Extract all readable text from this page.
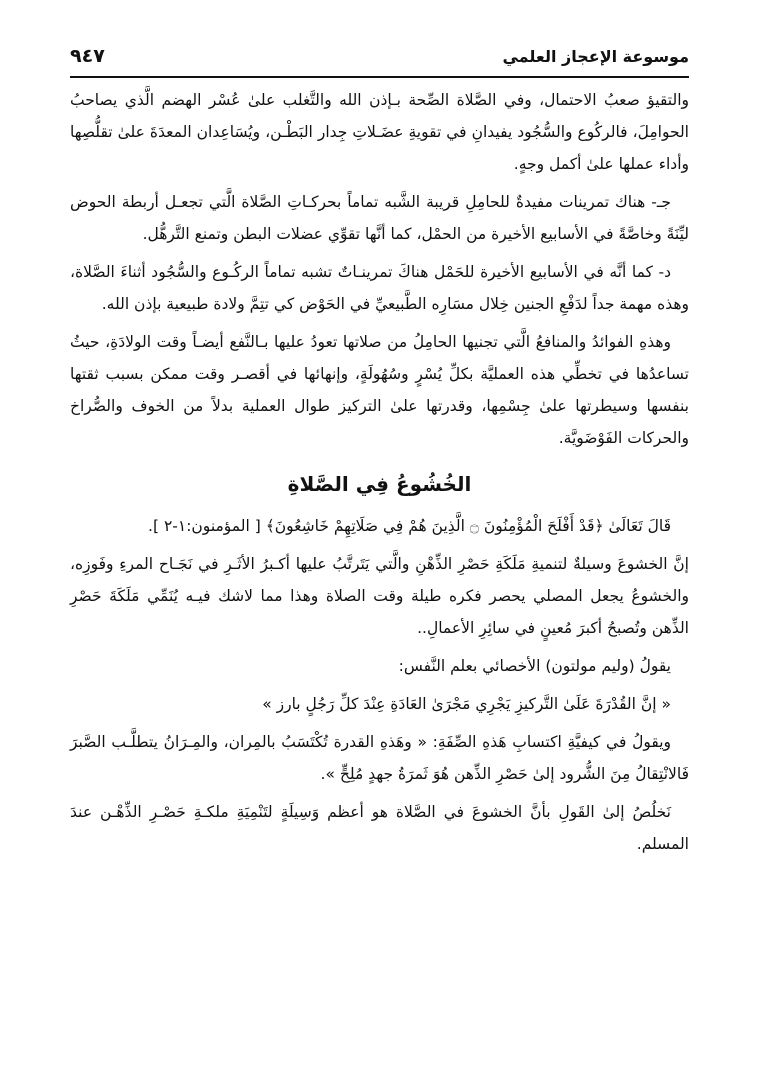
موسوعة الإعجاز العلمي
٩٤٧

والتقيؤ صعبُ الاحتمال، وفي الصَّلاة الصِّحة بـإذن الله والتَّغلب علىٰ عُسْر الهضم الَّذي يصاحبُ الحوامِلَ، فالركُوع والسُّجُود يفيدانِ في تقويةِ عضَـلاتِ جِدار البَطْـن، ويُسَاعِدان المعدَةَ علىٰ تقلُّصِها وأداء عملها علىٰ أكمل وجهٍ.

جـ- هناك تمرينات مفيدةٌ للحامِلِ قريبة الشَّبه تماماً بحركـاتِ الصَّلاة الَّتي تجعـل أربطة الحوض ليِّنَةً وخاصَّةً في الأسابيع الأخيرة من الحمْل، كما أنَّها تقوِّي عضلات البطن وتمنع التَّرهُّل.

د- كما أنَّه في الأسابيع الأخيرة للحَمْل هناكَ تمرينـاتٌ تشبه تماماً الركُـوع والسُّجُود أثناءَ الصَّلاة، وهذه مهمة جداً لدَفْعِ الجنين خِلال مسَارِه الطَّبيعيِّ في الحَوْض كي تتِمَّ ولادة طبيعية بإذن الله.

وهذهِ الفوائدُ والمنافعُ الَّتي تجنيها الحامِلُ من صلاتها تعودُ عليها بـالنَّفع أيضـاً وقت الولادَةِ، حيثُ تساعدُها في تخطِّي هذه العمليَّة بكلِّ يُسْرٍ وسُهُولَةٍ، وإنهائها في أقصـر وقت ممكن بسبب ثقتها بنفسها وسيطرتها علىٰ جِسْمِها، وقدرتها علىٰ التركيز طوال العملية بدلاً من الخوف والصُّراخ والحركات الفَوْضَويَّة.

الخُشُوعُ فِي الصَّلاةِ

قَالَ تَعَالَىٰ ﴿قَدْ أَفْلَحَ الْمُؤْمِنُونَ ۝ الَّذِينَ هُمْ فِي صَلَاتِهِمْ خَاشِعُونَ﴾ [ المؤمنون:١-٢ ].

إنَّ الخشوعَ وسيلةٌ لتنميةِ مَلَكَةِ حَصْرِ الذِّهْنِ والَّتي يَتَرتَّبُ عليها أكـبرُ الأثَـرِ في نَجَـاح المرءِ وفَوزِه، والخشوعُ يجعل المصلي يحصر فكره طيلة وقت الصلاة وهذا مما لاشك فيـه يُنَمِّي مَلَكَةَ حَصْرِ الذِّهن وتُصبحُ أكبرَ مُعينٍ في سائِرِ الأعمالِ..

يقولُ (وليم مولتون) الأخصائي بعلم النَّفس:

« إنَّ القُدْرَةَ عَلَىٰ التَّركيزِ يَجْرِي مَجْرَىٰ العَادَةِ عِنْدَ كلِّ رَجُلٍ بارز »

ويقولُ في كيفيَّةِ اكتسابِ هَذهِ الصِّفَةِ: « وهَذهِ القدرة تُكْتَسَبُ بالمِران، والمِـرَانُ يتطلَّـب الصَّبرَ فَالانْتِقالُ مِنَ الشُّرود إلىٰ حَصْرِ الذِّهن هُوَ ثَمرَةُ جهدٍ مُلِحٍّ ».

نَخلُصُ إلىٰ القَولِ بأنَّ الخشوعَ في الصَّلاة هو أعظم وَسِيلَةٍ لتَنْمِيَةِ ملكـةِ حَصْـرِ الذِّهْـن عندَ المسلم.
